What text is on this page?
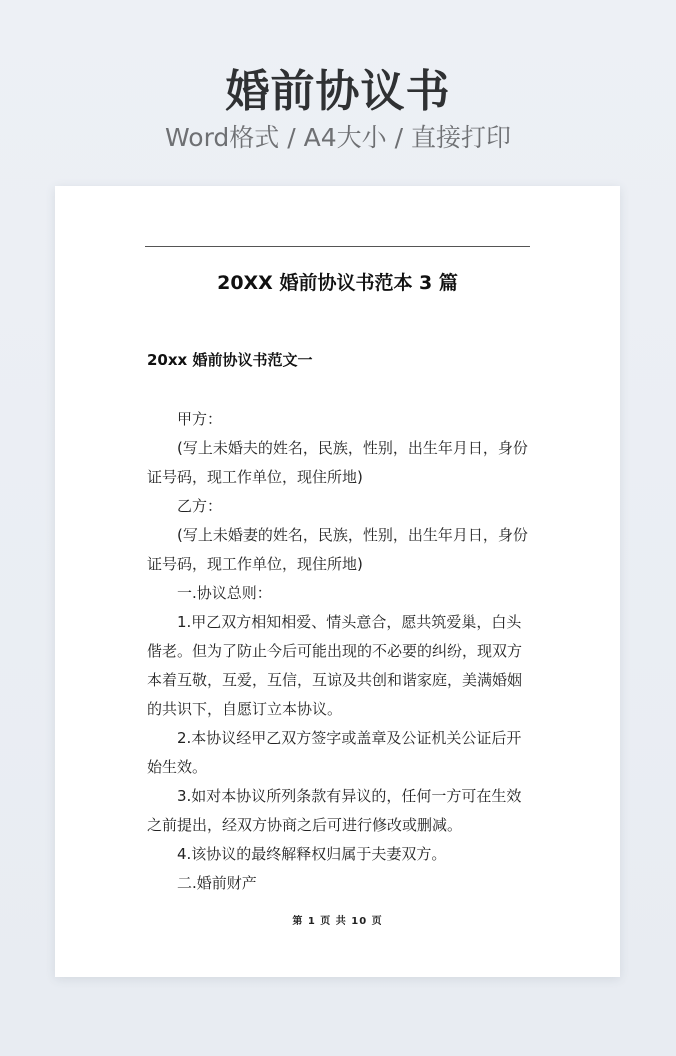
婚前协议书
Word格式 / A4大小 / 直接打印
20XX 婚前协议书范本 3 篇
20xx 婚前协议书范文一

甲方：

(写上未婚夫的姓名，民族，性别，出生年月日，身份证号码，现工作单位，现住所地)

乙方：

(写上未婚妻的姓名，民族，性别，出生年月日，身份证号码，现工作单位，现住所地)

一.协议总则：

1.甲乙双方相知相爱、情头意合，愿共筑爱巢，白头偕老。但为了防止今后可能出现的不必要的纠纷，现双方本着互敬，互爱，互信，互谅及共创和谐家庭，美满婚姻的共识下，自愿订立本协议。

2.本协议经甲乙双方签字或盖章及公证机关公证后开始生效。

3.如对本协议所列条款有异议的，任何一方可在生效之前提出，经双方协商之后可进行修改或删减。

4.该协议的最终解释权归属于夫妻双方。

二.婚前财产

第 1 页 共 10 页
